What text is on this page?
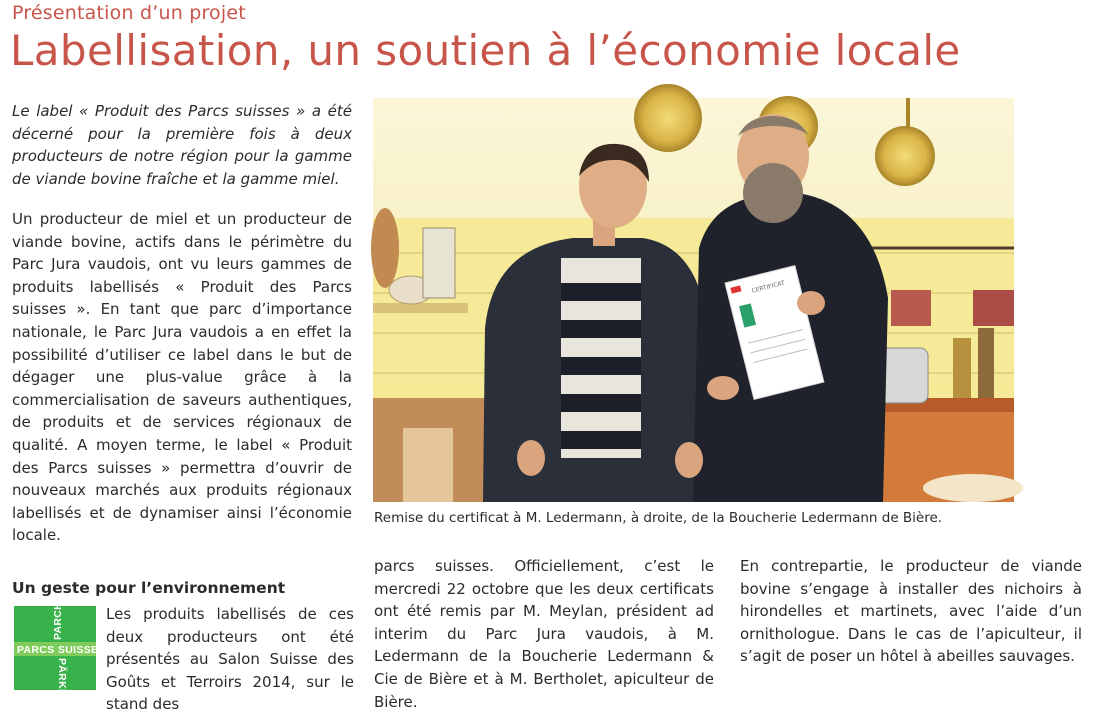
Présentation d’un projet
Labellisation, un soutien à l’économie locale
Le label « Produit des Parcs suisses » a été décerné pour la première fois à deux producteurs de notre région pour la gamme de viande bovine fraîche et la gamme miel.
Un producteur de miel et un producteur de viande bovine, actifs dans le périmètre du Parc Jura vaudois, ont vu leurs gammes de produits labellisés « Produit des Parcs suisses ». En tant que parc d’importance nationale, le Parc Jura vaudois a en effet la possibilité d’utiliser ce label dans le but de dégager une plus-value grâce à la commercialisation de saveurs authentiques, de produits et de services régionaux de qualité. A moyen terme, le label « Produit des Parcs suisses » permettra d’ouvrir de nouveaux marchés aux produits régionaux labellisés et de dynamiser ainsi l’économie locale.
Un geste pour l’environnement
PARCS SUISSES
PARCHI
PÄRKE
Les produits labellisés de ces deux producteurs ont été présentés au Salon Suisse des Goûts et Terroirs 2014, sur le stand des
CERTIFICAT
Remise du certificat à M. Ledermann, à droite, de la Boucherie Ledermann de Bière.
parcs suisses. Officiellement, c’est le mercredi 22 octobre que les deux certificats ont été remis par M. Meylan, président ad interim du Parc Jura vaudois, à M. Ledermann de la Boucherie Ledermann & Cie de Bière et à M. Bertholet, apiculteur de Bière.
En contrepartie, le producteur de viande bovine s’engage à installer des nichoirs à hirondelles et martinets, avec l’aide d’un ornithologue. Dans le cas de l’apiculteur, il s’agit de poser un hôtel à abeilles sauvages.
